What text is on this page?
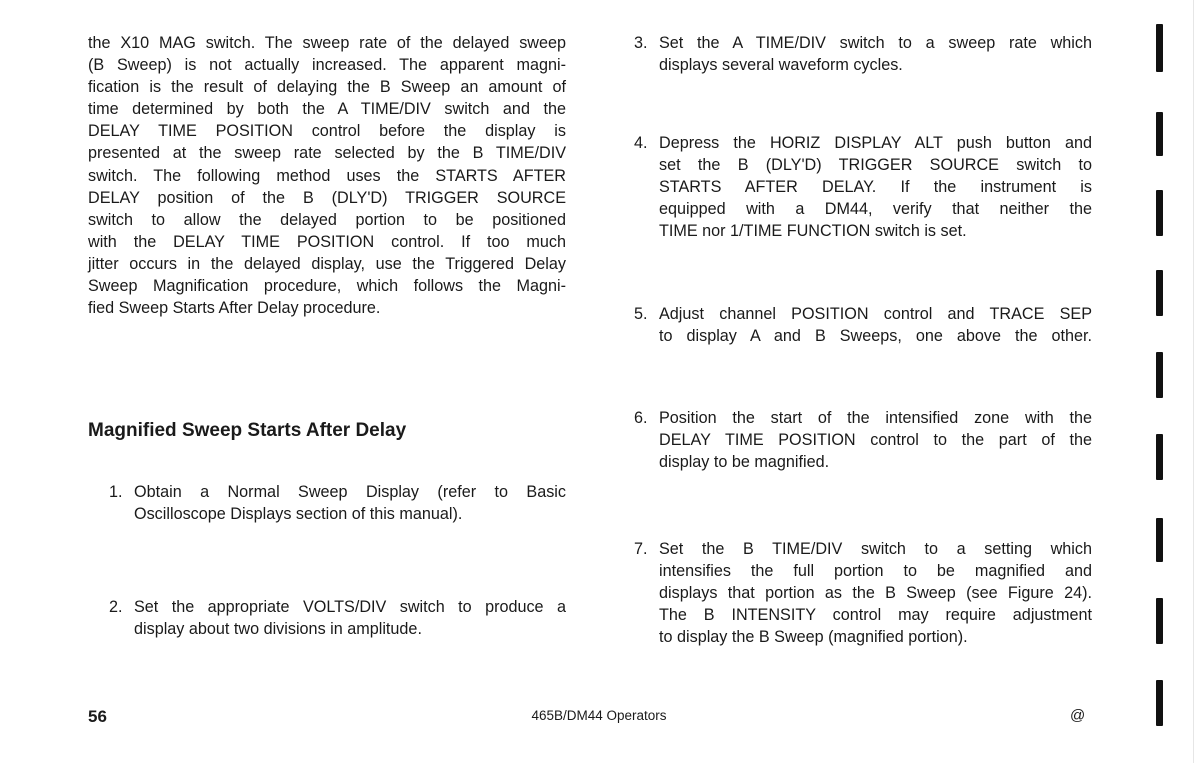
the X10 MAG switch. The sweep rate of the delayed sweep
(B Sweep) is not actually increased. The apparent magni-
fication is the result of delaying the B Sweep an amount of
time determined by both the A TIME/DIV switch and the
DELAY TIME POSITION control before the display is
presented at the sweep rate selected by the B TIME/DIV
switch. The following method uses the STARTS AFTER
DELAY position of the B (DLY'D) TRIGGER SOURCE
switch to allow the delayed portion to be positioned
with the DELAY TIME POSITION control. If too much
jitter occurs in the delayed display, use the Triggered Delay
Sweep Magnification procedure, which follows the Magni-
fied Sweep Starts After Delay procedure.
Magnified Sweep Starts After Delay
1. Obtain a Normal Sweep Display (refer to Basic
Oscilloscope Displays section of this manual).
2. Set the appropriate VOLTS/DIV switch to produce a
display about two divisions in amplitude.
3. Set the A TIME/DIV switch to a sweep rate which
displays several waveform cycles.
4. Depress the HORIZ DISPLAY ALT push button and
set the B (DLY'D) TRIGGER SOURCE switch to
STARTS AFTER DELAY. If the instrument is
equipped with a DM44, verify that neither the
TIME nor 1/TIME FUNCTION switch is set.
5. Adjust channel POSITION control and TRACE SEP
to display A and B Sweeps, one above the other.
6. Position the start of the intensified zone with the
DELAY TIME POSITION control to the part of the
display to be magnified.
7. Set the B TIME/DIV switch to a setting which
intensifies the full portion to be magnified and
displays that portion as the B Sweep (see Figure 24).
The B INTENSITY control may require adjustment
to display the B Sweep (magnified portion).
56	465B/DM44 Operators	@
